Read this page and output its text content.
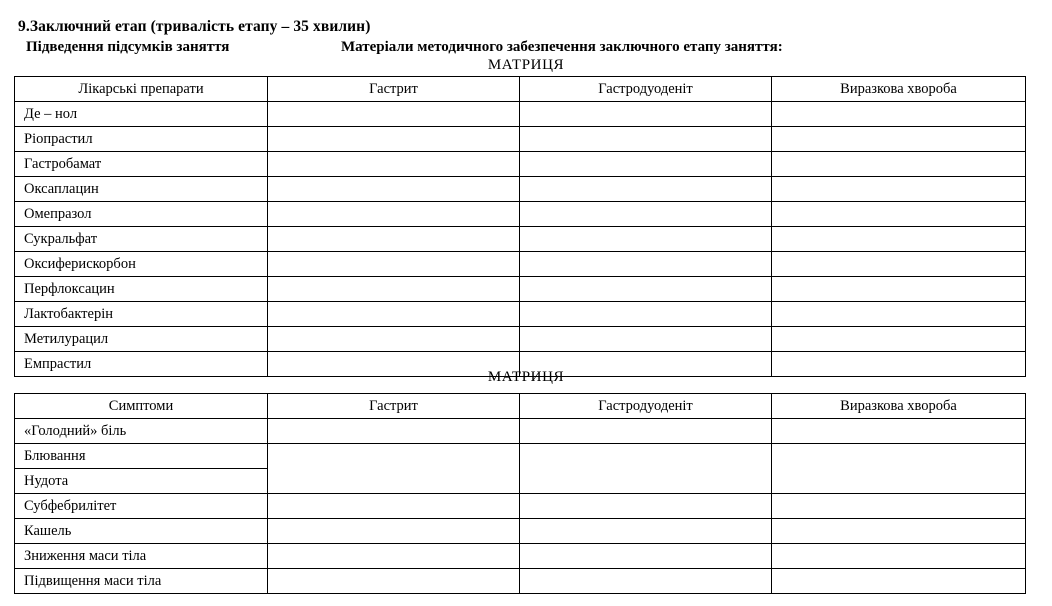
9.Заключний етап (тривалість етапу – 35 хвилин)
Підведення підсумків заняття	Матеріали методичного забезпечення заключного етапу заняття:
МАТРИЦЯ
Лікарські препарати	Гастрит	Гастродуоденіт	Виразкова хвороба
Де – нол			
Ріопрастил			
Гастробамат			
Оксаплацин			
Омепразол			
Сукральфат			
Оксиферискорбон			
Перфлоксацин			
Лактобактерін			
Метилурацил			
Емпрастил			
МАТРИЦЯ
Симптоми	Гастрит	Гастродуоденіт	Виразкова хвороба
«Голодний» біль			
Блювання			
Нудота			
Субфебрилітет			
Кашель			
Зниження маси тіла			
Підвищення маси тіла			
